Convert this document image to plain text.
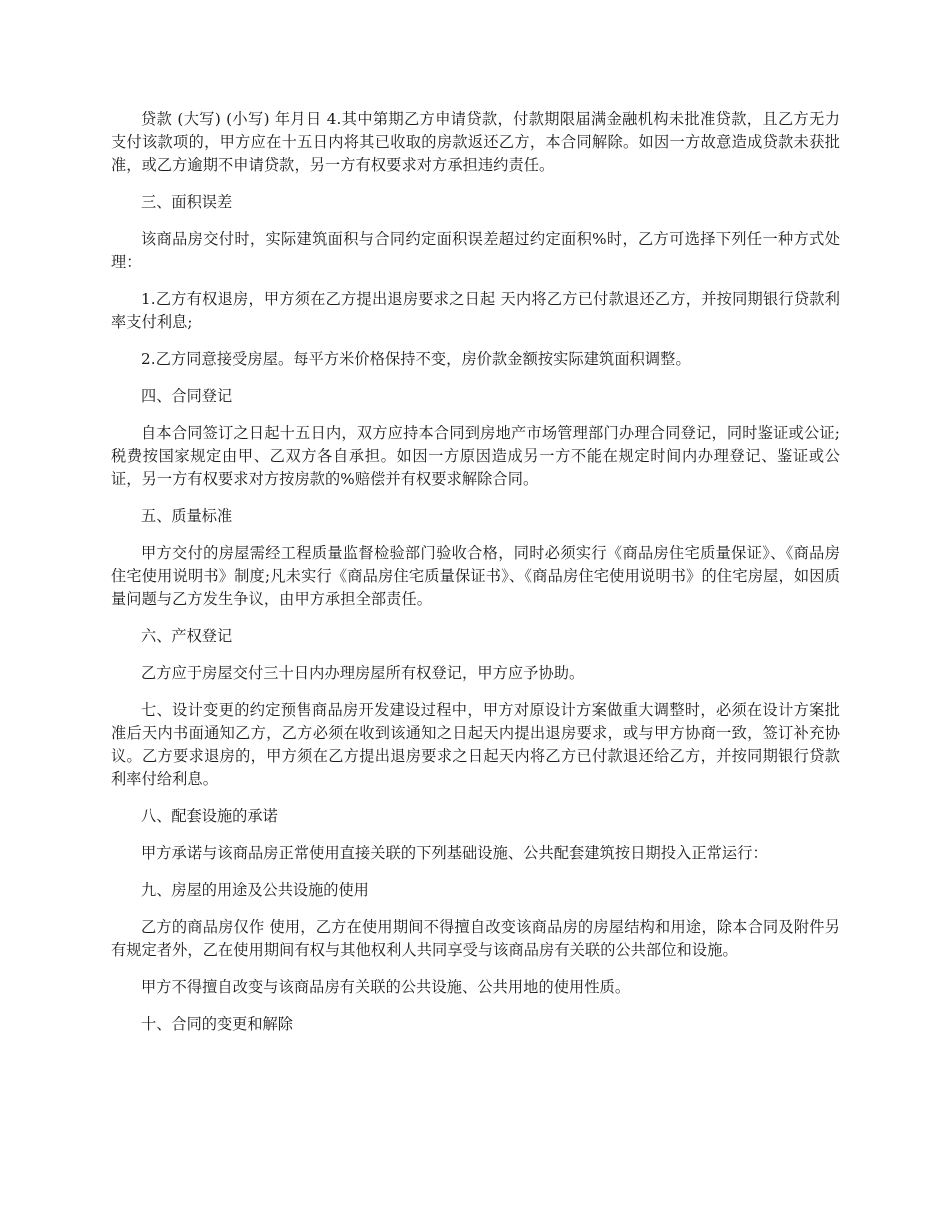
贷款 (大写) (小写) 年月日 4.其中第期乙方申请贷款，付款期限届满金融机构未批准贷款，且乙方无力支付该款项的，甲方应在十五日内将其已收取的房款返还乙方，本合同解除。如因一方故意造成贷款未获批准，或乙方逾期不申请贷款，另一方有权要求对方承担违约责任。

三、面积误差

该商品房交付时，实际建筑面积与合同约定面积误差超过约定面积%时，乙方可选择下列任一种方式处理：

1.乙方有权退房，甲方须在乙方提出退房要求之日起 天内将乙方已付款退还乙方，并按同期银行贷款利率支付利息;

2.乙方同意接受房屋。每平方米价格保持不变，房价款金额按实际建筑面积调整。

四、合同登记

自本合同签订之日起十五日内，双方应持本合同到房地产市场管理部门办理合同登记，同时鉴证或公证;税费按国家规定由甲、乙双方各自承担。如因一方原因造成另一方不能在规定时间内办理登记、鉴证或公证，另一方有权要求对方按房款的%赔偿并有权要求解除合同。

五、质量标准

甲方交付的房屋需经工程质量监督检验部门验收合格，同时必须实行《商品房住宅质量保证》、《商品房住宅使用说明书》制度;凡未实行《商品房住宅质量保证书》、《商品房住宅使用说明书》的住宅房屋，如因质量问题与乙方发生争议，由甲方承担全部责任。

六、产权登记

乙方应于房屋交付三十日内办理房屋所有权登记，甲方应予协助。

七、设计变更的约定预售商品房开发建设过程中，甲方对原设计方案做重大调整时，必须在设计方案批准后天内书面通知乙方，乙方必须在收到该通知之日起天内提出退房要求，或与甲方协商一致，签订补充协议。乙方要求退房的，甲方须在乙方提出退房要求之日起天内将乙方已付款退还给乙方，并按同期银行贷款利率付给利息。

八、配套设施的承诺

甲方承诺与该商品房正常使用直接关联的下列基础设施、公共配套建筑按日期投入正常运行：

九、房屋的用途及公共设施的使用

乙方的商品房仅作 使用，乙方在使用期间不得擅自改变该商品房的房屋结构和用途，除本合同及附件另有规定者外，乙在使用期间有权与其他权利人共同享受与该商品房有关联的公共部位和设施。

甲方不得擅自改变与该商品房有关联的公共设施、公共用地的使用性质。

十、合同的变更和解除
